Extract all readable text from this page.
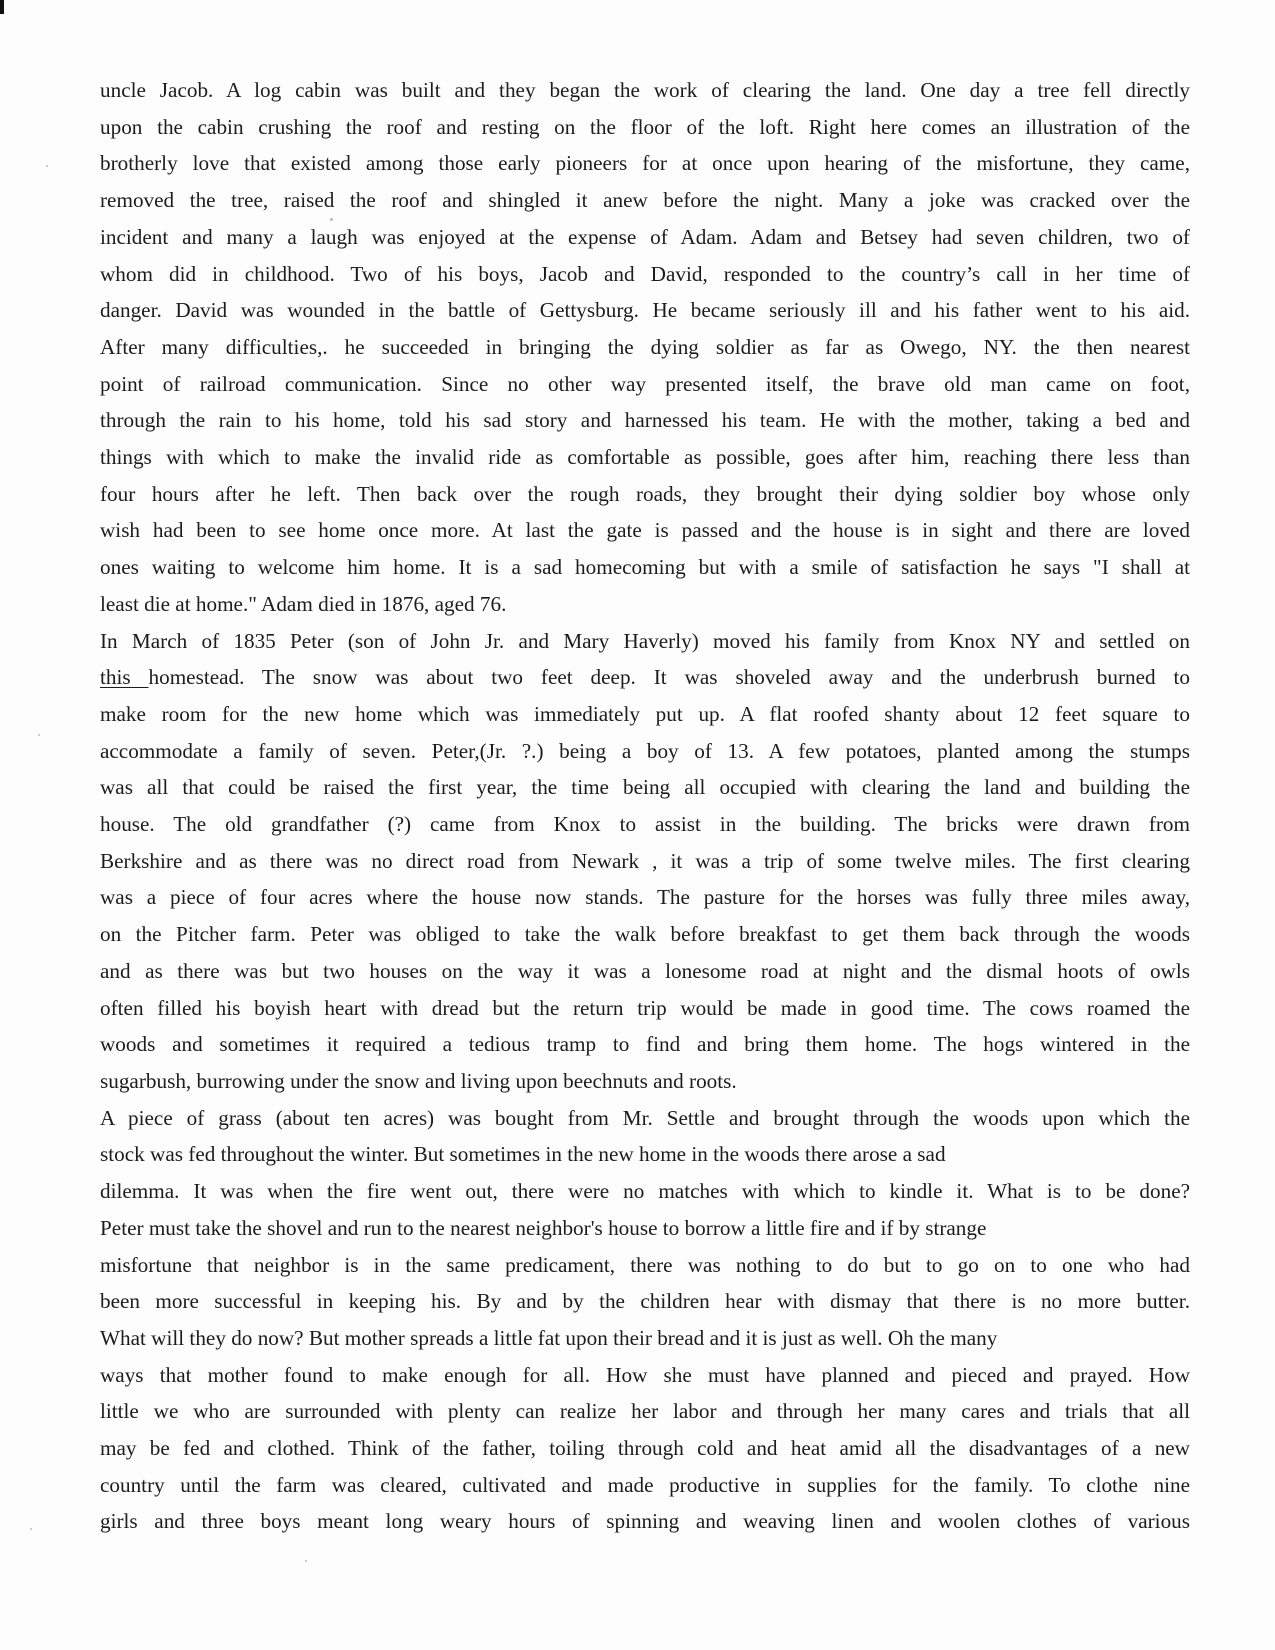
uncle Jacob. A log cabin was built and they began the work of clearing the land. One day a tree fell directly
upon the cabin crushing the roof and resting on the floor of the loft. Right here comes an illustration of the
brotherly love that existed among those early pioneers for at once upon hearing of the misfortune, they came,
removed the tree, raised the roof and shingled it anew before the night. Many a joke was cracked over the
incident and many a laugh was enjoyed at the expense of Adam. Adam and Betsey had seven children, two of
whom did in childhood. Two of his boys, Jacob and David, responded to the country’s call in her time of
danger. David was wounded in the battle of Gettysburg. He became seriously ill and his father went to his aid.
After many difficulties,. he succeeded in bringing the dying soldier as far as Owego, NY. the then nearest
point of railroad communication. Since no other way presented itself, the brave old man came on foot,
through the rain to his home, told his sad story and harnessed his team. He with the mother, taking a bed and
things with which to make the invalid ride as comfortable as possible, goes after him, reaching there less than
four hours after he left. Then back over the rough roads, they brought their dying soldier boy whose only
wish had been to see home once more. At last the gate is passed and the house is in sight and there are loved
ones waiting to welcome him home. It is a sad homecoming but with a smile of satisfaction he says "I shall at
least die at home." Adam died in 1876, aged 76.
In March of 1835 Peter (son of John Jr. and Mary Haverly) moved his family from Knox NY and settled on
this homestead. The snow was about two feet deep. It was shoveled away and the underbrush burned to
make room for the new home which was immediately put up. A flat roofed shanty about 12 feet square to
accommodate a family of seven. Peter,(Jr. ?.) being a boy of 13. A few potatoes, planted among the stumps
was all that could be raised the first year, the time being all occupied with clearing the land and building the
house. The old grandfather (?) came from Knox to assist in the building. The bricks were drawn from
Berkshire and as there was no direct road from Newark , it was a trip of some twelve miles. The first clearing
was a piece of four acres where the house now stands. The pasture for the horses was fully three miles away,
on the Pitcher farm. Peter was obliged to take the walk before breakfast to get them back through the woods
and as there was but two houses on the way it was a lonesome road at night and the dismal hoots of owls
often filled his boyish heart with dread but the return trip would be made in good time. The cows roamed the
woods and sometimes it required a tedious tramp to find and bring them home. The hogs wintered in the
sugarbush, burrowing under the snow and living upon beechnuts and roots.
A piece of grass (about ten acres) was bought from Mr. Settle and brought through the woods upon which the
stock was fed throughout the winter. But sometimes in the new home in the woods there arose a sad
dilemma. It was when the fire went out, there were no matches with which to kindle it. What is to be done?
Peter must take the shovel and run to the nearest neighbor's house to borrow a little fire and if by strange
misfortune that neighbor is in the same predicament, there was nothing to do but to go on to one who had
been more successful in keeping his. By and by the children hear with dismay that there is no more butter.
What will they do now? But mother spreads a little fat upon their bread and it is just as well. Oh the many
ways that mother found to make enough for all. How she must have planned and pieced and prayed. How
little we who are surrounded with plenty can realize her labor and through her many cares and trials that all
may be fed and clothed. Think of the father, toiling through cold and heat amid all the disadvantages of a new
country until the farm was cleared, cultivated and made productive in supplies for the family. To clothe nine
girls and three boys meant long weary hours of spinning and weaving linen and woolen clothes of various
